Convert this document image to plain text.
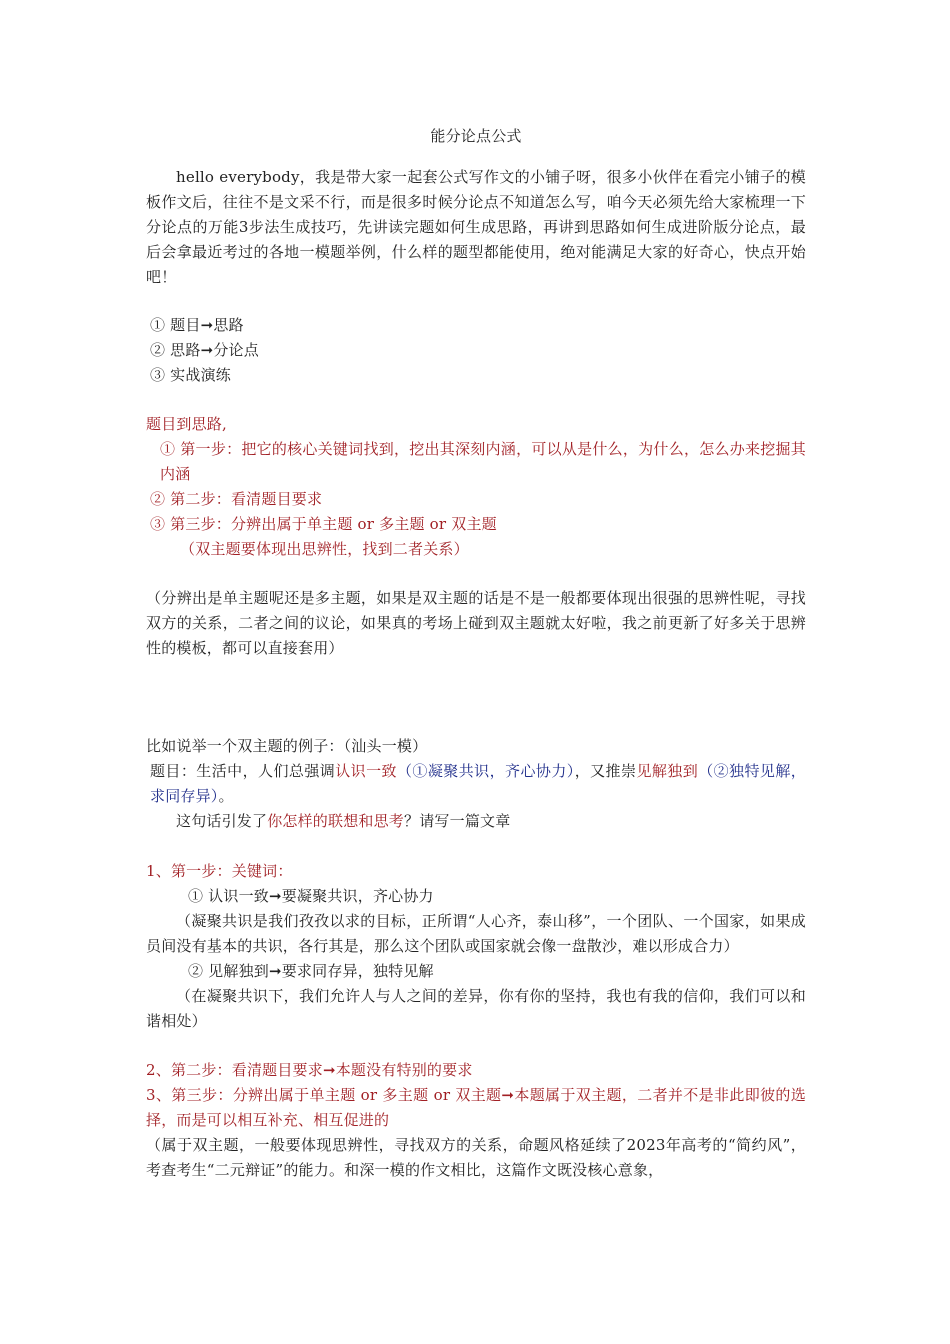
能分论点公式

hello everybody，我是带大家一起套公式写作文的小铺子呀，很多小伙伴在看完小铺子的模板作文后，往往不是文采不行，而是很多时候分论点不知道怎么写，咱今天必须先给大家梳理一下分论点的万能3步法生成技巧，先讲读完题如何生成思路，再讲到思路如何生成进阶版分论点，最后会拿最近考过的各地一模题举例，什么样的题型都能使用，绝对能满足大家的好奇心，快点开始吧！

① 题目➞思路

② 思路➞分论点

③ 实战演练

题目到思路,

① 第一步：把它的核心关键词找到，挖出其深刻内涵，可以从是什么，为什么，怎么办来挖掘其内涵

② 第二步：看清题目要求

③ 第三步：分辨出属于单主题 or 多主题 or 双主题

（双主题要体现出思辨性，找到二者关系）

（分辨出是单主题呢还是多主题，如果是双主题的话是不是一般都要体现出很强的思辨性呢，寻找双方的关系，二者之间的议论，如果真的考场上碰到双主题就太好啦，我之前更新了好多关于思辨性的模板，都可以直接套用）

比如说举一个双主题的例子：（汕头一模）

题目：生活中，人们总强调认识一致（①凝聚共识，齐心协力），又推崇见解独到（②独特见解，求同存异）。

这句话引发了你怎样的联想和思考？请写一篇文章

1、第一步：关键词：

① 认识一致➞要凝聚共识，齐心协力

（凝聚共识是我们孜孜以求的目标，正所谓“人心齐，泰山移”，一个团队、一个国家，如果成员间没有基本的共识，各行其是，那么这个团队或国家就会像一盘散沙，难以形成合力）

② 见解独到➞要求同存异，独特见解

（在凝聚共识下，我们允许人与人之间的差异，你有你的坚持，我也有我的信仰，我们可以和谐相处）

2、第二步：看清题目要求➞本题没有特别的要求

3、第三步：分辨出属于单主题 or 多主题 or 双主题➞本题属于双主题，二者并不是非此即彼的选择，而是可以相互补充、相互促进的

（属于双主题，一般要体现思辨性，寻找双方的关系，命题风格延续了2023年高考的“简约风”，考查考生“二元辩证”的能力。和深一模的作文相比，这篇作文既没核心意象，
